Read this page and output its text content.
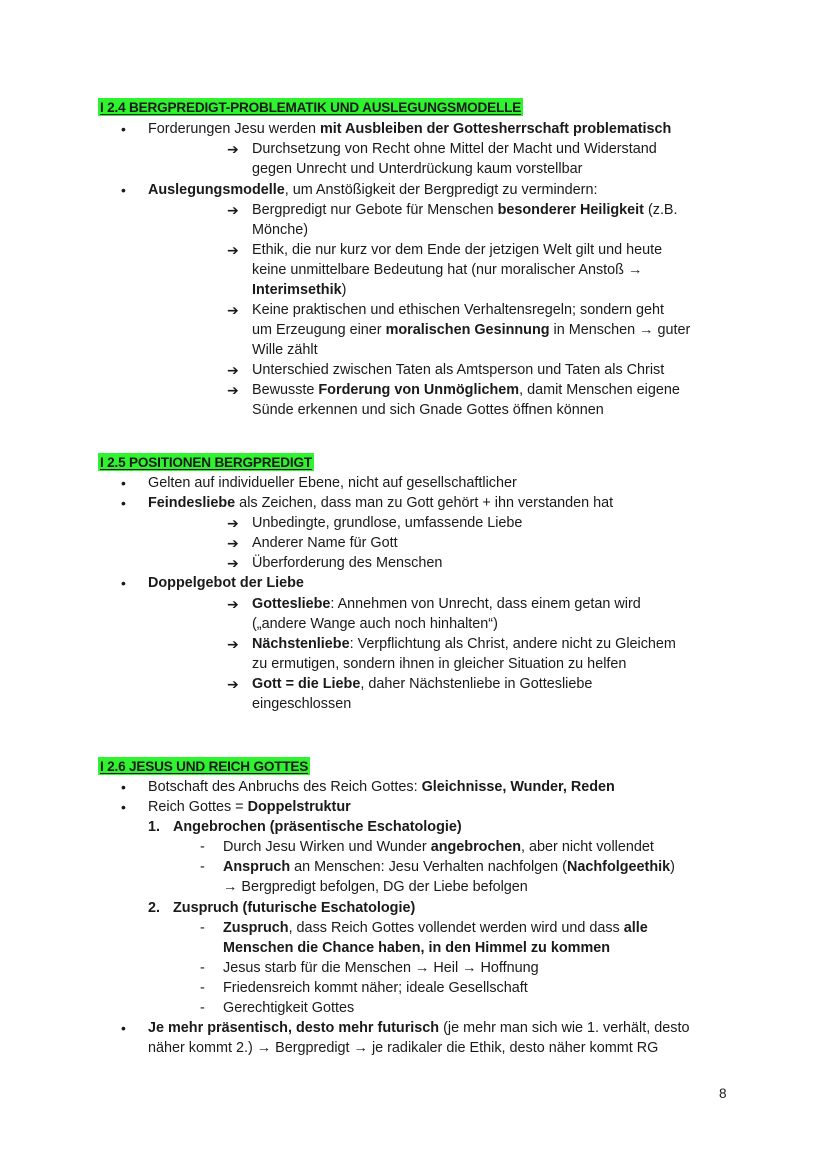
I 2.4 BERGPREDIGT-PROBLEMATIK UND AUSLEGUNGSMODELLE
• Forderungen Jesu werden mit Ausbleiben der Gottesherrschaft problematisch
➔ Durchsetzung von Recht ohne Mittel der Macht und Widerstand
gegen Unrecht und Unterdrückung kaum vorstellbar
• Auslegungsmodelle, um Anstößigkeit der Bergpredigt zu vermindern:
➔ Bergpredigt nur Gebote für Menschen besonderer Heiligkeit (z.B.
Mönche)
➔ Ethik, die nur kurz vor dem Ende der jetzigen Welt gilt und heute
keine unmittelbare Bedeutung hat (nur moralischer Anstoß →
Interimsethik)
➔ Keine praktischen und ethischen Verhaltensregeln; sondern geht
um Erzeugung einer moralischen Gesinnung in Menschen → guter
Wille zählt
➔ Unterschied zwischen Taten als Amtsperson und Taten als Christ
➔ Bewusste Forderung von Unmöglichem, damit Menschen eigene
Sünde erkennen und sich Gnade Gottes öffnen können
I 2.5 POSITIONEN BERGPREDIGT
• Gelten auf individueller Ebene, nicht auf gesellschaftlicher
• Feindesliebe als Zeichen, dass man zu Gott gehört + ihn verstanden hat
➔ Unbedingte, grundlose, umfassende Liebe
➔ Anderer Name für Gott
➔ Überforderung des Menschen
• Doppelgebot der Liebe
➔ Gottesliebe: Annehmen von Unrecht, dass einem getan wird
(„andere Wange auch noch hinhalten“)
➔ Nächstenliebe: Verpflichtung als Christ, andere nicht zu Gleichem
zu ermutigen, sondern ihnen in gleicher Situation zu helfen
➔ Gott = die Liebe, daher Nächstenliebe in Gottesliebe
eingeschlossen
I 2.6 JESUS UND REICH GOTTES
• Botschaft des Anbruchs des Reich Gottes: Gleichnisse, Wunder, Reden
• Reich Gottes = Doppelstruktur
1. Angebrochen (präsentische Eschatologie)
- Durch Jesu Wirken und Wunder angebrochen, aber nicht vollendet
- Anspruch an Menschen: Jesu Verhalten nachfolgen (Nachfolgeethik)
→ Bergpredigt befolgen, DG der Liebe befolgen
2. Zuspruch (futurische Eschatologie)
- Zuspruch, dass Reich Gottes vollendet werden wird und dass alle
Menschen die Chance haben, in den Himmel zu kommen
- Jesus starb für die Menschen → Heil → Hoffnung
- Friedensreich kommt näher; ideale Gesellschaft
- Gerechtigkeit Gottes
• Je mehr präsentisch, desto mehr futurisch (je mehr man sich wie 1. verhält, desto
näher kommt 2.) → Bergpredigt → je radikaler die Ethik, desto näher kommt RG
8
